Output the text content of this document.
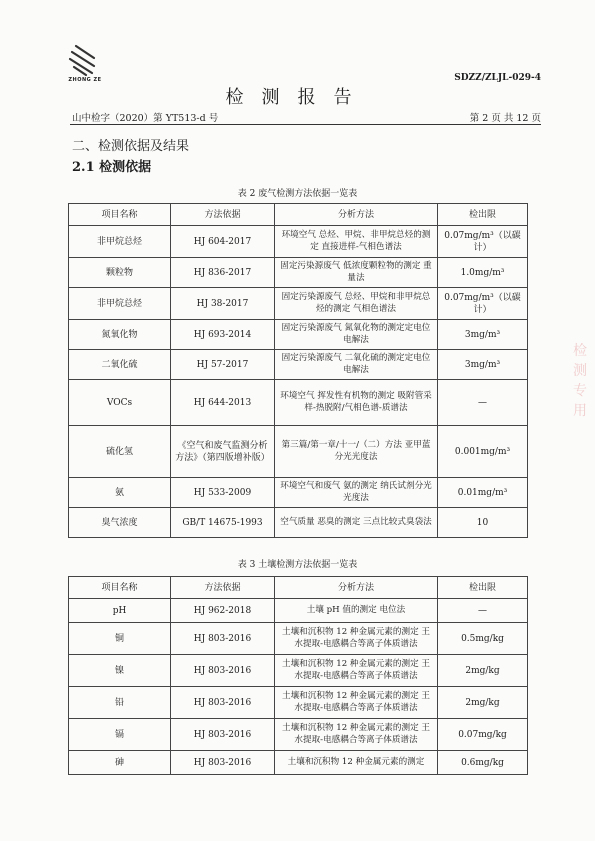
ZHONG ZE	SDZZ/ZLJL-029-4
检测报告
山中检字（2020）第 YT513-d 号	第 2 页 共 12 页
二、检测依据及结果
2.1 检测依据
表 2 废气检测方法依据一览表
项目名称	方法依据	分析方法	检出限
非甲烷总烃	HJ 604-2017	环境空气 总烃、甲烷、非甲烷总烃的测定 直接进样-气相色谱法	0.07mg/m³（以碳计）
颗粒物	HJ 836-2017	固定污染源废气 低浓度颗粒物的测定 重量法	1.0mg/m³
非甲烷总烃	HJ 38-2017	固定污染源废气 总烃、甲烷和非甲烷总烃的测定 气相色谱法	0.07mg/m³（以碳计）
氮氧化物	HJ 693-2014	固定污染源废气 氮氧化物的测定定电位电解法	3mg/m³
二氧化硫	HJ 57-2017	固定污染源废气 二氧化硫的测定定电位电解法	3mg/m³
VOCs	HJ 644-2013	环境空气 挥发性有机物的测定 吸附管采样-热脱附/气相色谱-质谱法	—
硫化氢	《空气和废气监测分析方法》（第四版增补版）	第三篇/第一章/十一/（二）方法 亚甲蓝分光光度法	0.001mg/m³
氨	HJ 533-2009	环境空气和废气 氨的测定 纳氏试剂分光光度法	0.01mg/m³
臭气浓度	GB/T 14675-1993	空气质量 恶臭的测定 三点比较式臭袋法	10
表 3 土壤检测方法依据一览表
项目名称	方法依据	分析方法	检出限
pH	HJ 962-2018	土壤 pH 值的测定 电位法	—
铜	HJ 803-2016	土壤和沉积物 12 种金属元素的测定 王水提取-电感耦合等离子体质谱法	0.5mg/kg
镍	HJ 803-2016	土壤和沉积物 12 种金属元素的测定 王水提取-电感耦合等离子体质谱法	2mg/kg
铅	HJ 803-2016	土壤和沉积物 12 种金属元素的测定 王水提取-电感耦合等离子体质谱法	2mg/kg
镉	HJ 803-2016	土壤和沉积物 12 种金属元素的测定 王水提取-电感耦合等离子体质谱法	0.07mg/kg
砷	HJ 803-2016	土壤和沉积物 12 种金属元素的测定	0.6mg/kg
检
测
专
用
